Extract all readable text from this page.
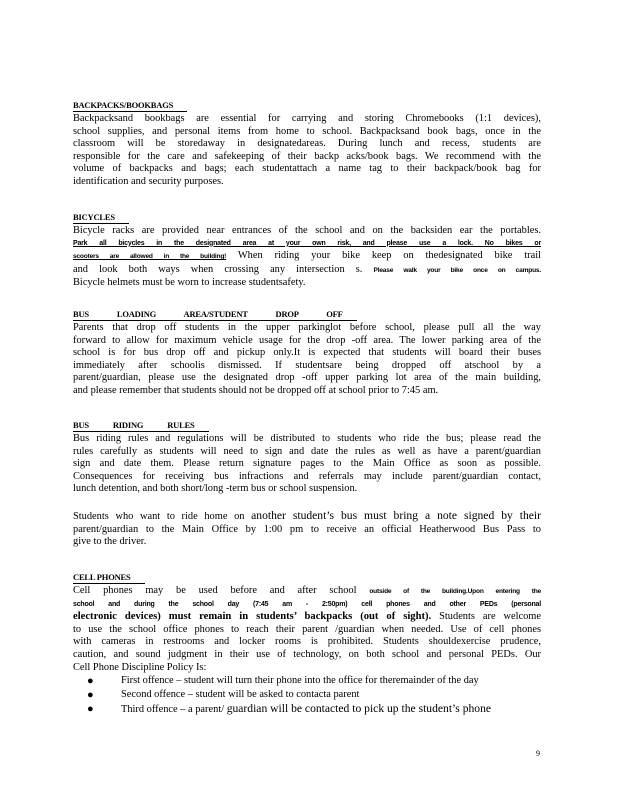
BACKPACKS/BOOKBAGS
Backpacksand bookbags are essential for carrying and storing Chromebooks (1:1 devices),
school supplies, and personal items from home to school. Backpacksand book bags, once in the
classroom will be storedaway in designatedareas. During lunch and recess, students are
responsible for the care and safekeeping of their backp acks/book bags. We recommend with the
volume of backpacks and bags; each studentattach a name tag to their backpack/book bag for
identification and security purposes.
BICYCLES
Bicycle racks are provided near entrances of the school and on the backsiden ear the portables.
Park all bicycles in the designated area at your own risk, and please use a lock. No bikes or
scooters are allowed in the building! When riding your bike keep on thedesignated bike trail
and look both ways when crossing any intersection s. Please walk your bike once on campus.
Bicycle helmets must be worn to increase studentsafety.
BUS LOADING AREA/STUDENT DROP OFF
Parents that drop off students in the upper parkinglot before school, please pull all the way
forward to allow for maximum vehicle usage for the drop -off area. The lower parking area of the
school is for bus drop off and pickup only.It is expected that students will board their buses
immediately after schoolis dismissed. If studentsare being dropped off atschool by a
parent/guardian, please use the designated drop -off upper parking lot area of the main building,
and please remember that students should not be dropped off at school prior to 7:45 am.
BUS RIDING RULES
Bus riding rules and regulations will be distributed to students who ride the bus; please read the
rules carefully as students will need to sign and date the rules as well as have a parent/guardian
sign and date them. Please return signature pages to the Main Office as soon as possible.
Consequences for receiving bus infractions and referrals may include parent/guardian contact,
lunch detention, and both short/long -term bus or school suspension.
Students who want to ride home on another student’s bus must bring a note signed by their
parent/guardian to the Main Office by 1:00 pm to receive an official Heatherwood Bus Pass to
give to the driver.
CELL PHONES
Cell phones may be used before and after school outside of the building.Upon entering the
school and during the school day (7:45 am - 2:50pm) cell phones and other PEDs (personal
electronic devices) must remain in students’ backpacks (out of sight). Students are welcome
to use the school office phones to reach their parent /guardian when needed. Use of cell phones
with cameras in restrooms and locker rooms is prohibited. Students shouldexercise prudence,
caution, and sound judgment in their use of technology, on both school and personal PEDs. Our
Cell Phone Discipline Policy Is:
●	First offence – student will turn their phone into the office for theremainder of the day
●	Second offence – student will be asked to contacta parent
●	Third offence – a parent/ guardian will be contacted to pick up the student’s phone
9
